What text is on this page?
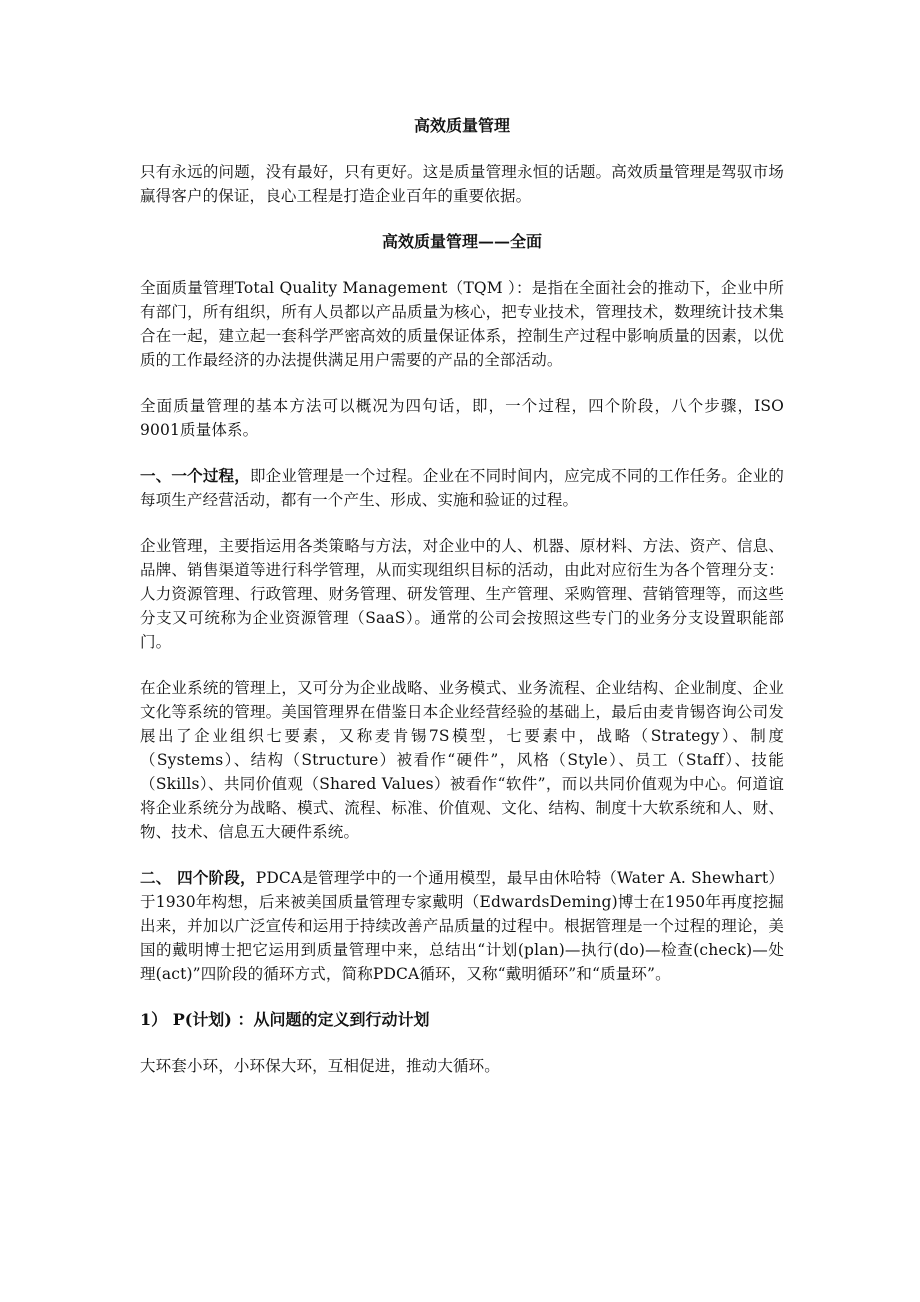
高效质量管理

只有永远的问题，没有最好，只有更好。这是质量管理永恒的话题。高效质量管理是驾驭市场赢得客户的保证，良心工程是打造企业百年的重要依据。

高效质量管理——全面

全面质量管理Total Quality Management（TQM ）：是指在全面社会的推动下，企业中所有部门，所有组织，所有人员都以产品质量为核心，把专业技术，管理技术，数理统计技术集合在一起，建立起一套科学严密高效的质量保证体系，控制生产过程中影响质量的因素，以优质的工作最经济的办法提供满足用户需要的产品的全部活动。

全面质量管理的基本方法可以概况为四句话，即，一个过程，四个阶段，八个步骤，ISO 9001质量体系。

一、一个过程，即企业管理是一个过程。企业在不同时间内，应完成不同的工作任务。企业的每项生产经营活动，都有一个产生、形成、实施和验证的过程。

企业管理，主要指运用各类策略与方法，对企业中的人、机器、原材料、方法、资产、信息、品牌、销售渠道等进行科学管理，从而实现组织目标的活动，由此对应衍生为各个管理分支：人力资源管理、行政管理、财务管理、研发管理、生产管理、采购管理、营销管理等，而这些分支又可统称为企业资源管理（SaaS）。通常的公司会按照这些专门的业务分支设置职能部门。

在企业系统的管理上，又可分为企业战略、业务模式、业务流程、企业结构、企业制度、企业文化等系统的管理。美国管理界在借鉴日本企业经营经验的基础上，最后由麦肯锡咨询公司发展出了企业组织七要素，又称麦肯锡7S模型，七要素中，战略（Strategy）、制度（Systems）、结构（Structure）被看作“硬件”，风格（Style）、员工（Staff）、技能（Skills）、共同价值观（Shared Values）被看作“软件”，而以共同价值观为中心。何道谊将企业系统分为战略、模式、流程、标准、价值观、文化、结构、制度十大软系统和人、财、物、技术、信息五大硬件系统。

二、 四个阶段，PDCA是管理学中的一个通用模型，最早由休哈特（Water A. Shewhart）于1930年构想，后来被美国质量管理专家戴明（EdwardsDeming)博士在1950年再度挖掘出来，并加以广泛宣传和运用于持续改善产品质量的过程中。根据管理是一个过程的理论，美国的戴明博士把它运用到质量管理中来，总结出“计划(plan)—执行(do)—检查(check)—处理(act)”四阶段的循环方式，简称PDCA循环，又称“戴明循环”和“质量环”。

1） P(计划) ：从问题的定义到行动计划

大环套小环，小环保大环，互相促进，推动大循环。
